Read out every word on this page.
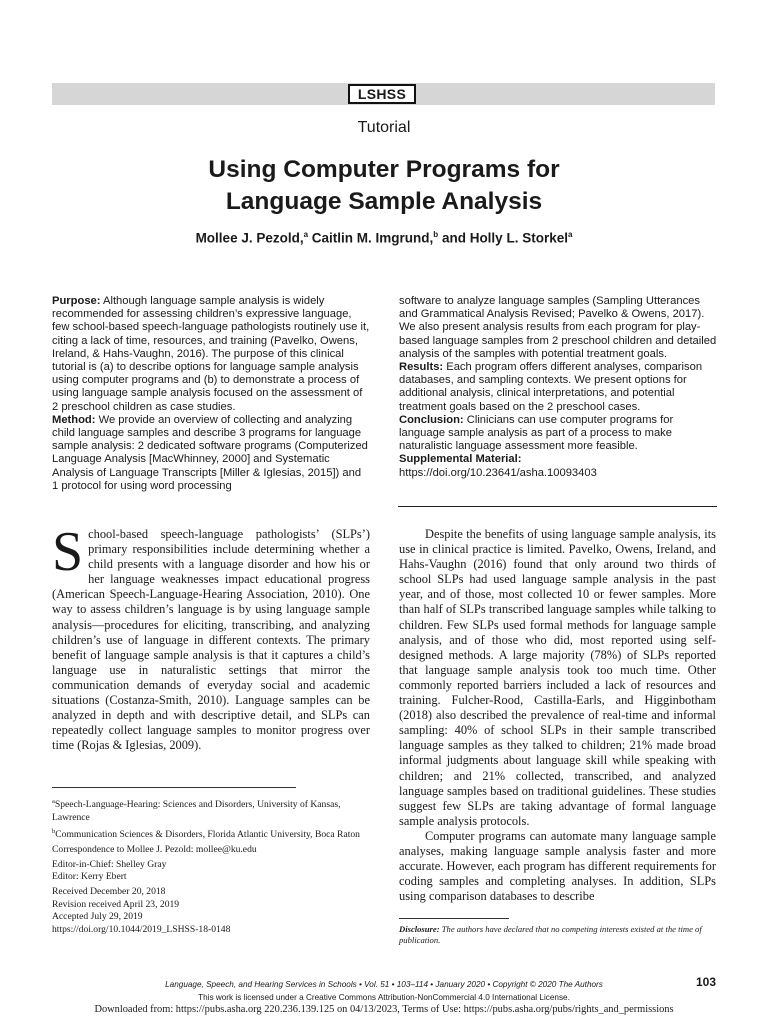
LSHSS
Tutorial
Using Computer Programs for
Language Sample Analysis
Mollee J. Pezold,$^a$ Caitlin M. Imgrund,$^b$ and Holly L. Storkel$^a$

Purpose: Although language sample analysis is widely recommended for assessing children’s expressive language, few school-based speech-language pathologists routinely use it, citing a lack of time, resources, and training (Pavelko, Owens, Ireland, & Hahs-Vaughn, 2016). The purpose of this clinical tutorial is (a) to describe options for language sample analysis using computer programs and (b) to demonstrate a process of using language sample analysis focused on the assessment of 2 preschool children as case studies.

Method: We provide an overview of collecting and analyzing child language samples and describe 3 programs for language sample analysis: 2 dedicated software programs (Computerized Language Analysis [MacWhinney, 2000] and Systematic Analysis of Language Transcripts [Miller & Iglesias, 2015]) and 1 protocol for using word processing

software to analyze language samples (Sampling Utterances and Grammatical Analysis Revised; Pavelko & Owens, 2017). We also present analysis results from each program for play-based language samples from 2 preschool children and detailed analysis of the samples with potential treatment goals.

Results: Each program offers different analyses, comparison databases, and sampling contexts. We present options for additional analysis, clinical interpretations, and potential treatment goals based on the 2 preschool cases.

Conclusion: Clinicians can use computer programs for language sample analysis as part of a process to make naturalistic language assessment more feasible.

Supplemental Material: https://doi.org/10.23641/asha.10093403

School-based speech-language pathologists’ (SLPs’) primary responsibilities include determining whether a child presents with a language disorder and how his or her language weaknesses impact educational progress (American Speech-Language-Hearing Association, 2010). One way to assess children’s language is by using language sample analysis—procedures for eliciting, transcribing, and analyzing children’s use of language in different contexts. The primary benefit of language sample analysis is that it captures a child’s language use in naturalistic settings that mirror the communication demands of everyday social and academic situations (Costanza-Smith, 2010). Language samples can be analyzed in depth and with descriptive detail, and SLPs can repeatedly collect language samples to monitor progress over time (Rojas & Iglesias, 2009).

Despite the benefits of using language sample analysis, its use in clinical practice is limited. Pavelko, Owens, Ireland, and Hahs-Vaughn (2016) found that only around two thirds of school SLPs had used language sample analysis in the past year, and of those, most collected 10 or fewer samples. More than half of SLPs transcribed language samples while talking to children. Few SLPs used formal methods for language sample analysis, and of those who did, most reported using self-designed methods. A large majority (78%) of SLPs reported that language sample analysis took too much time. Other commonly reported barriers included a lack of resources and training. Fulcher-Rood, Castilla-Earls, and Higginbotham (2018) also described the prevalence of real-time and informal sampling: 40% of school SLPs in their sample transcribed language samples as they talked to children; 21% made broad informal judgments about language skill while speaking with children; and 21% collected, transcribed, and analyzed language samples based on traditional guidelines. These studies suggest few SLPs are taking advantage of formal language sample analysis protocols.

Computer programs can automate many language sample analyses, making language sample analysis faster and more accurate. However, each program has different requirements for coding samples and completing analyses. In addition, SLPs using comparison databases to describe

$^a$Speech-Language-Hearing: Sciences and Disorders, University of Kansas, Lawrence

$^b$Communication Sciences & Disorders, Florida Atlantic University, Boca Raton

Correspondence to Mollee J. Pezold: mollee@ku.edu

Editor-in-Chief: Shelley Gray

Editor: Kerry Ebert

Received December 20, 2018

Revision received April 23, 2019

Accepted July 29, 2019

https://doi.org/10.1044/2019_LSHSS-18-0148	Disclosure: The authors have declared that no competing interests existed at the time of publication.
Language, Speech, and Hearing Services in Schools • Vol. 51 • 103–114 • January 2020 • Copyright © 2020 The Authors	103
This work is licensed under a Creative Commons Attribution-NonCommercial 4.0 International License.
Downloaded from: https://pubs.asha.org 220.236.139.125 on 04/13/2023, Terms of Use: https://pubs.asha.org/pubs/rights_and_permissions
